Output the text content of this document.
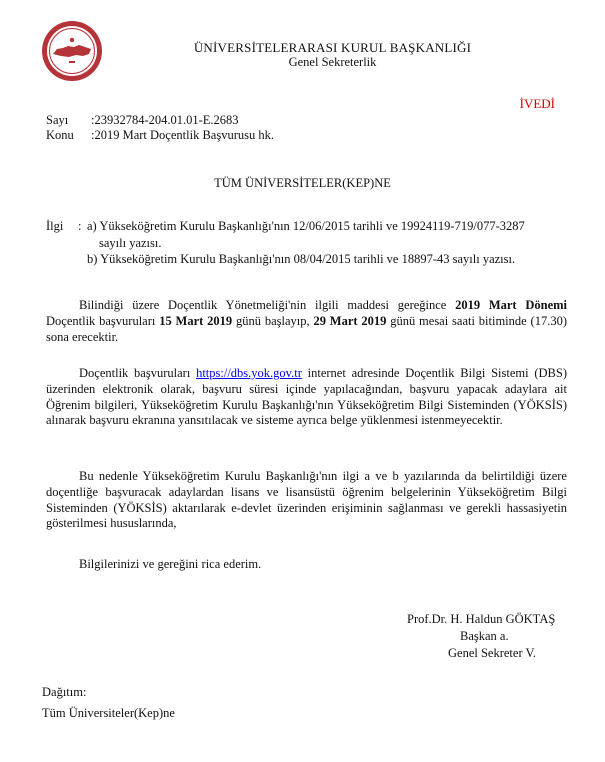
ÜNİVERSİTELERARASI KURUL BAŞKANLIĞI
Genel Sekreterlik
İVEDİ
Sayı :23932784-204.01.01-E.2683
Konu :2019 Mart Doçentlik Başvurusu hk.
TÜM ÜNİVERSİTELER(KEP)NE
İlgi : a) Yükseköğretim Kurulu Başkanlığı'nın 12/06/2015 tarihli ve 19924119-719/077-3287
sayılı yazısı.
b) Yükseköğretim Kurulu Başkanlığı'nın 08/04/2015 tarihli ve 18897-43 sayılı yazısı.

Bilindiği üzere Doçentlik Yönetmeliği'nin ilgili maddesi gereğince 2019 Mart Dönemi Doçentlik başvuruları 15 Mart 2019 günü başlayıp, 29 Mart 2019 günü mesai saati bitiminde (17.30) sona erecektir.

Doçentlik başvuruları https://dbs.yok.gov.tr internet adresinde Doçentlik Bilgi Sistemi (DBS) üzerinden elektronik olarak, başvuru süresi içinde yapılacağından, başvuru yapacak adaylara ait Öğrenim bilgileri, Yükseköğretim Kurulu Başkanlığı'nın Yükseköğretim Bilgi Sisteminden (YÖKSİS) alınarak başvuru ekranına yansıtılacak ve sisteme ayrıca belge yüklenmesi istenmeyecektir.

Bu nedenle Yükseköğretim Kurulu Başkanlığı'nın ilgi a ve b yazılarında da belirtildiği üzere doçentliğe başvuracak adaylardan lisans ve lisansüstü öğrenim belgelerinin Yükseköğretim Bilgi Sisteminden (YÖKSİS) aktarılarak e-devlet üzerinden erişiminin sağlanması ve gerekli hassasiyetin gösterilmesi hususlarında,

Bilgilerinizi ve gereğini rica ederim.
Prof.Dr. H. Haldun GÖKTAŞ
Başkan a.
Genel Sekreter V.
Dağıtım:
Tüm Üniversiteler(Kep)ne
